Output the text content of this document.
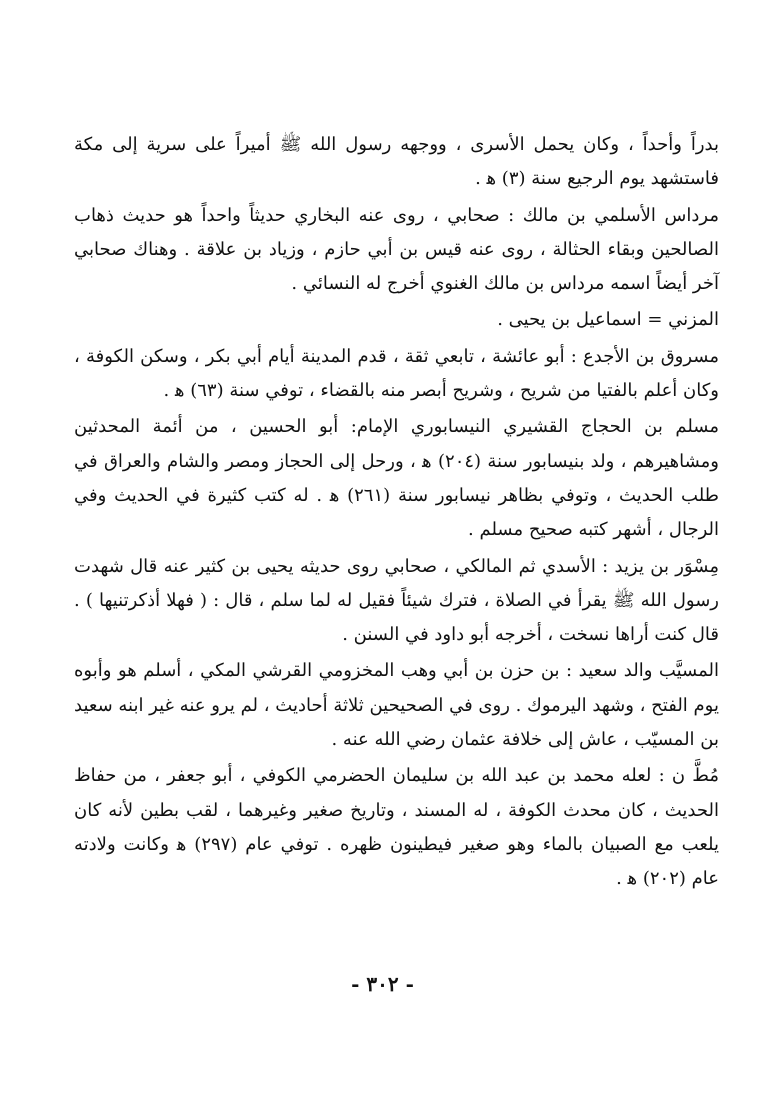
بدراً وأحداً ، وكان يحمل الأسرى ، ووجهه رسول الله ﷺ أميراً على سرية إلى مكة فاستشهد يوم الرجيع سنة (٣) ﻫ .

مرداس الأسلمي بن مالك : صحابي ، روى عنه البخاري حديثاً واحداً هو حديث ذهاب الصالحين وبقاء الحثالة ، روى عنه قيس بن أبي حازم ، وزياد بن علاقة . وهناك صحابي آخر أيضاً اسمه مرداس بن مالك الغنوي أخرج له النسائي .

المزني = اسماعيل بن يحيى .

مسروق بن الأجدع : أبو عائشة ، تابعي ثقة ، قدم المدينة أيام أبي بكر ، وسكن الكوفة ، وكان أعلم بالفتيا من شريح ، وشريح أبصر منه بالقضاء ، توفي سنة (٦٣) ﻫ .

مسلم بن الحجاج القشيري النيسابوري الإمام: أبو الحسين ، من أئمة المحدثين ومشاهيرهم ، ولد بنيسابور سنة (٢٠٤) ﻫ ، ورحل إلى الحجاز ومصر والشام والعراق في طلب الحديث ، وتوفي بظاهر نيسابور سنة (٢٦١) ﻫ . له كتب كثيرة في الحديث وفي الرجال ، أشهر كتبه صحيح مسلم .

مِسْوَر بن يزيد : الأسدي ثم المالكي ، صحابي روى حديثه يحيى بن كثير عنه قال شهدت رسول الله ﷺ يقرأ في الصلاة ، فترك شيئاً فقيل له لما سلم ، قال : ( فهلا أذكرتنيها ) . قال كنت أراها نسخت ، أخرجه أبو داود في السنن .

المسيَّب والد سعيد : بن حزن بن أبي وهب المخزومي القرشي المكي ، أسلم هو وأبوه يوم الفتح ، وشهد اليرموك . روى في الصحيحين ثلاثة أحاديث ، لم يرو عنه غير ابنه سعيد بن المسيّب ، عاش إلى خلافة عثمان رضي الله عنه .

مُطَّ ن : لعله محمد بن عبد الله بن سليمان الحضرمي الكوفي ، أبو جعفر ، من حفاظ الحديث ، كان محدث الكوفة ، له المسند ، وتاريخ صغير وغيرهما ، لقب بطين لأنه كان يلعب مع الصبيان بالماء وهو صغير فيطينون ظهره . توفي عام (٢٩٧) ﻫ وكانت ولادته عام (٢٠٢) ﻫ .

- ٣٠٢ -
